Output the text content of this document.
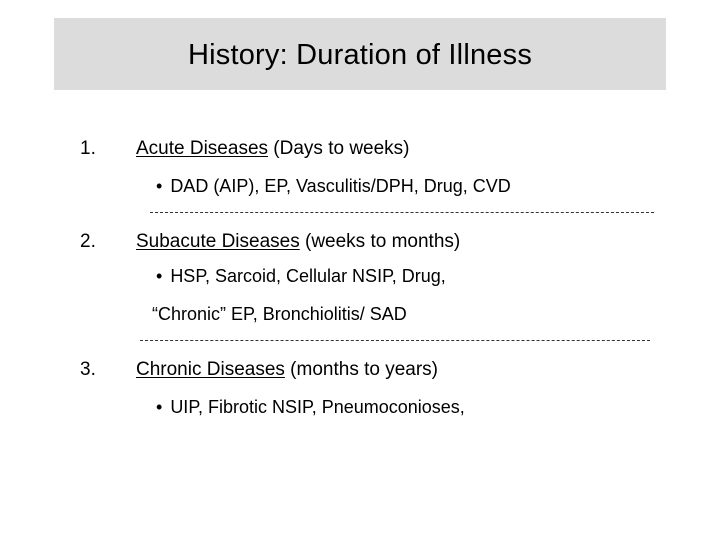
History: Duration of Illness
1. Acute Diseases (Days to weeks)
• DAD (AIP), EP, Vasculitis/DPH, Drug, CVD
2. Subacute Diseases (weeks to months)
• HSP, Sarcoid, Cellular NSIP, Drug,
“Chronic” EP, Bronchiolitis/ SAD
3. Chronic Diseases (months to years)
• UIP, Fibrotic NSIP, Pneumoconioses,
